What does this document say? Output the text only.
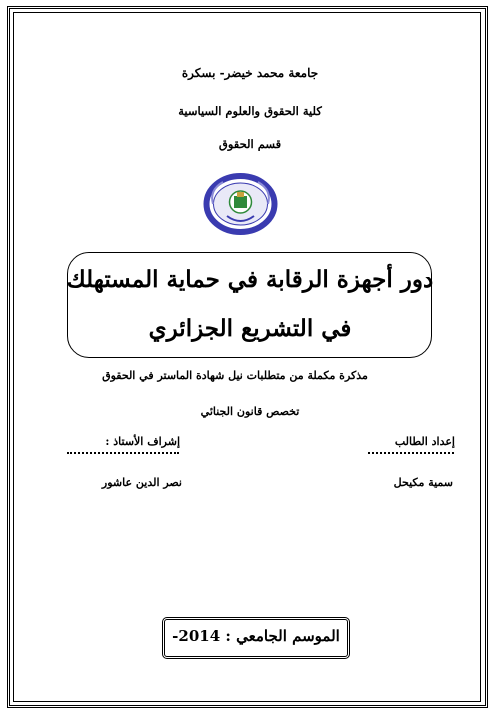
جامعة محمد خيضر- بسكرة
كلية الحقوق والعلوم السياسية
قسم الحقوق
دور أجهزة الرقابة في حماية المستهلك
في التشريع الجزائري
مذكرة مكملة من متطلبات نيل شهادة الماستر في الحقوق
تخصص قانون الجنائي
إعداد الطالب
إشراف الأستاذ :
سمية مكيحل
نصر الدين عاشور
الموسم الجامعي : 2014-
